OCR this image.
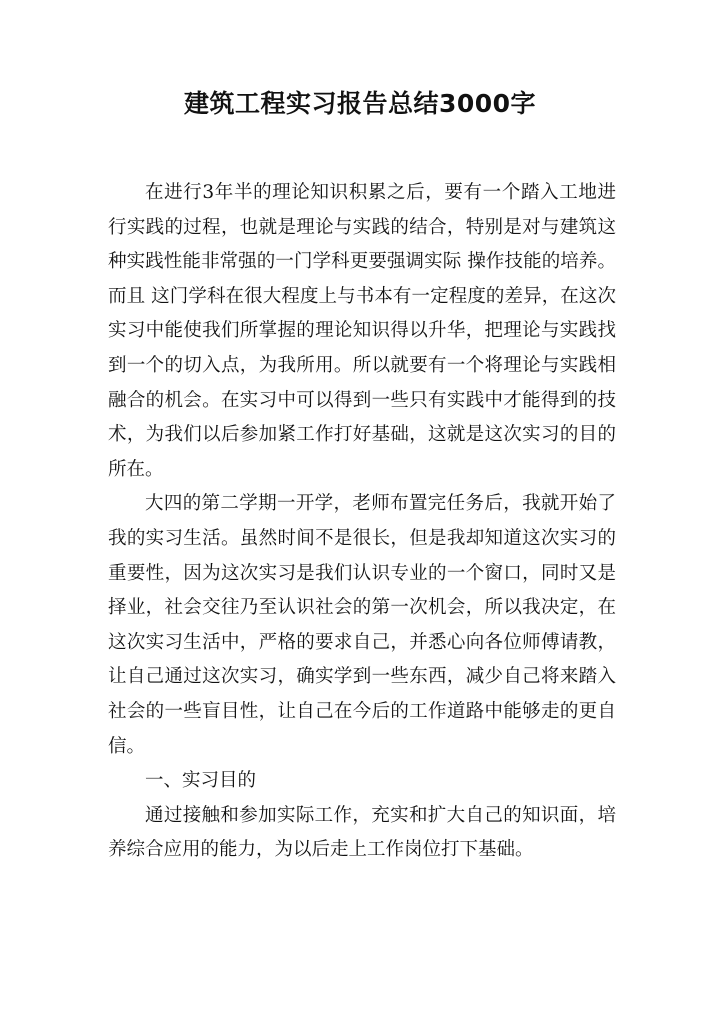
建筑工程实习报告总结3000字

在进行3年半的理论知识积累之后，要有一个踏入工地进行实践的过程，也就是理论与实践的结合，特别是对与建筑这种实践性能非常强的一门学科更要强调实际 操作技能的培养。而且 这门学科在很大程度上与书本有一定程度的差异，在这次实习中能使我们所掌握的理论知识得以升华，把理论与实践找到一个的切入点，为我所用。所以就要有一个将理论与实践相融合的机会。在实习中可以得到一些只有实践中才能得到的技术，为我们以后参加紧工作打好基础，这就是这次实习的目的所在。

大四的第二学期一开学，老师布置完任务后，我就开始了我的实习生活。虽然时间不是很长，但是我却知道这次实习的重要性，因为这次实习是我们认识专业的一个窗口，同时又是择业，社会交往乃至认识社会的第一次机会，所以我决定，在这次实习生活中，严格的要求自己，并悉心向各位师傅请教，让自己通过这次实习，确实学到一些东西，减少自己将来踏入社会的一些盲目性，让自己在今后的工作道路中能够走的更自信。

一、实习目的

通过接触和参加实际工作，充实和扩大自己的知识面，培养综合应用的能力，为以后走上工作岗位打下基础。
